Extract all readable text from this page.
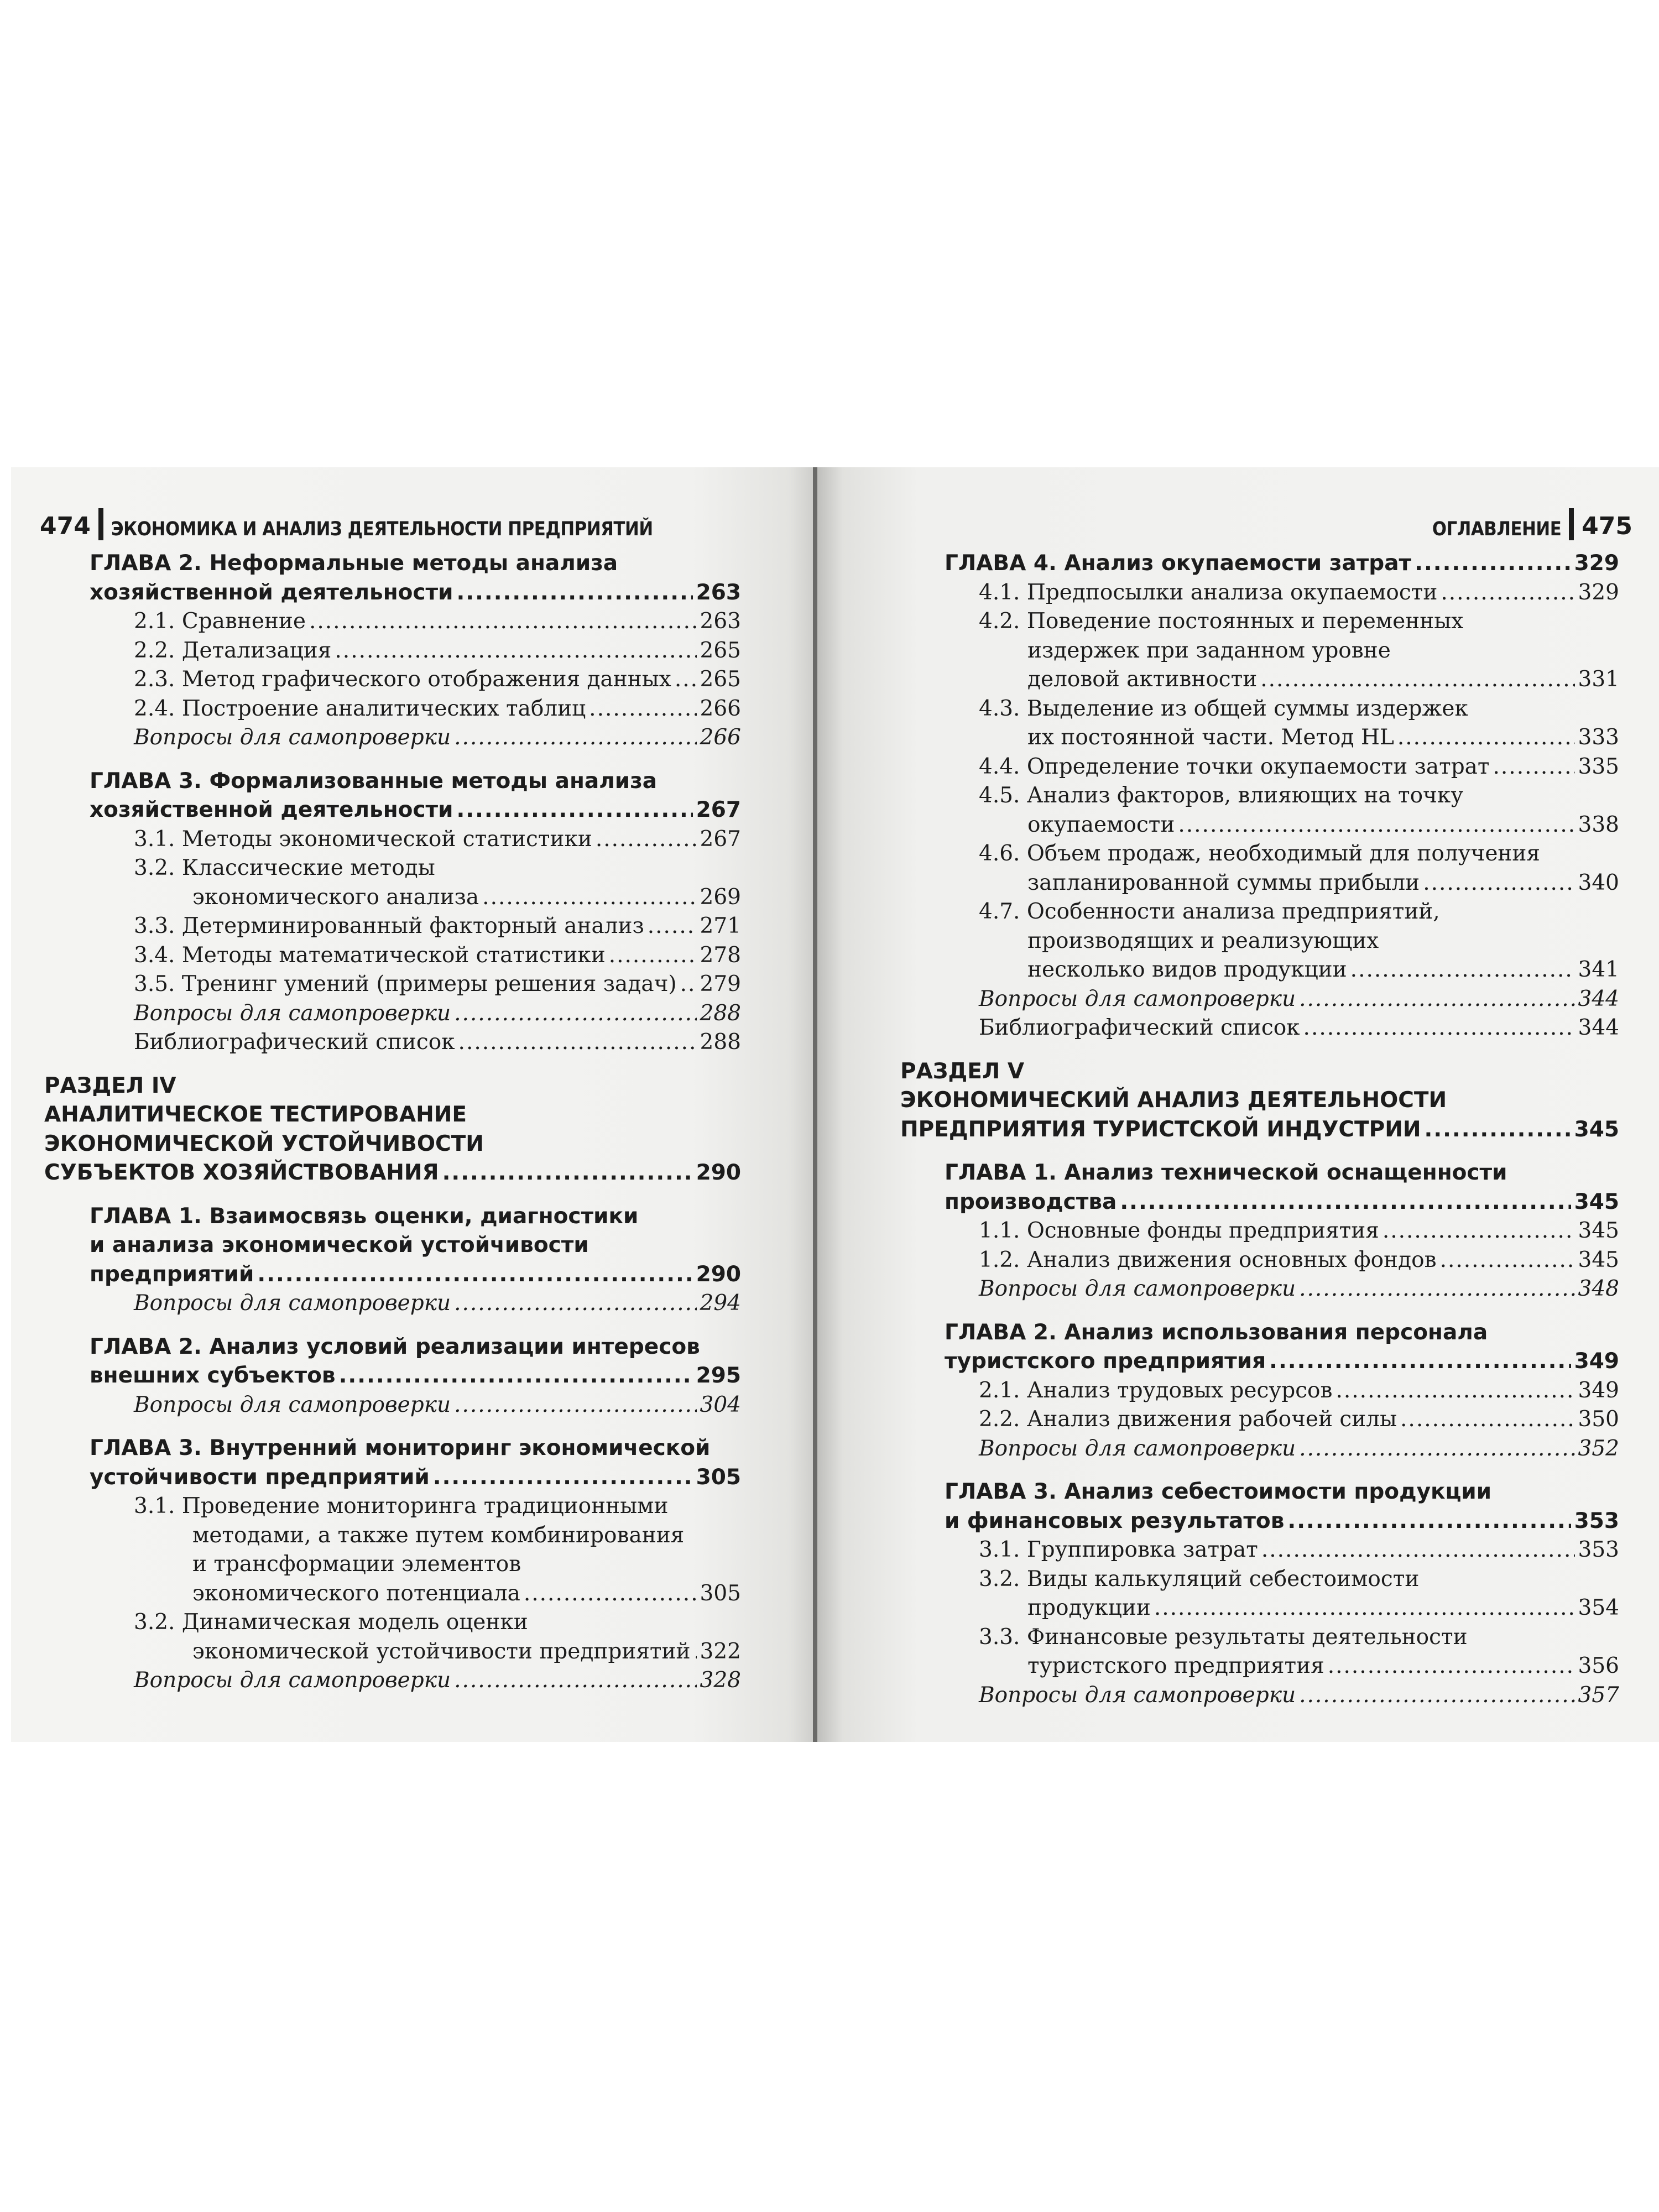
474 ЭКОНОМИКА И АНАЛИЗ ДЕЯТЕЛЬНОСТИ ПРЕДПРИЯТИЙ
ГЛАВА 2. Неформальные методы анализа
хозяйственной деятельности .....	263
2.1. Сравнение .....	263
2.2. Детализация .....	265
2.3. Метод графического отображения данных ..... 265
2.4. Построение аналитических таблиц .....	266
Вопросы для самопроверки .....	266
ГЛАВА 3. Формализованные методы анализа
хозяйственной деятельности .....	267
3.1. Методы экономической статистики .....	267
3.2. Классические методы
экономического анализа .....	269
3.3. Детерминированный факторный анализ .....	271
3.4. Методы математической статистики .....	278
3.5. Тренинг умений (примеры решения задач) ..... 279
Вопросы для самопроверки .....	288
Библиографический список .....	288
РАЗДЕЛ IV
АНАЛИТИЧЕСКОЕ ТЕСТИРОВАНИЕ
ЭКОНОМИЧЕСКОЙ УСТОЙЧИВОСТИ
СУБЪЕКТОВ ХОЗЯЙСТВОВАНИЯ .....	290
ГЛАВА 1. Взаимосвязь оценки, диагностики
и анализа экономической устойчивости
предприятий .....	290
Вопросы для самопроверки .....	294
ГЛАВА 2. Анализ условий реализации интересов
внешних субъектов .....	295
Вопросы для самопроверки .....	304
ГЛАВА 3. Внутренний мониторинг экономической
устойчивости предприятий .....	305
3.1. Проведение мониторинга традиционными
методами, а также путем комбинирования
и трансформации элементов
экономического потенциала .....	305
3.2. Динамическая модель оценки
экономической устойчивости предприятий ..... 322
Вопросы для самопроверки .....	328
ОГЛАВЛЕНИЕ 475
ГЛАВА 4. Анализ окупаемости затрат .....	329
4.1. Предпосылки анализа окупаемости .....	329
4.2. Поведение постоянных и переменных
издержек при заданном уровне
деловой активности .....	331
4.3. Выделение из общей суммы издержек
их постоянной части. Метод HL .....	333
4.4. Определение точки окупаемости затрат .....	335
4.5. Анализ факторов, влияющих на точку
окупаемости .....	338
4.6. Объем продаж, необходимый для получения
запланированной суммы прибыли .....	340
4.7. Особенности анализа предприятий,
производящих и реализующих
несколько видов продукции .....	341
Вопросы для самопроверки .....	344
Библиографический список .....	344
РАЗДЕЛ V
ЭКОНОМИЧЕСКИЙ АНАЛИЗ ДЕЯТЕЛЬНОСТИ
ПРЕДПРИЯТИЯ ТУРИСТСКОЙ ИНДУСТРИИ .....	345
ГЛАВА 1. Анализ технической оснащенности
производства .....	345
1.1. Основные фонды предприятия .....	345
1.2. Анализ движения основных фондов .....	345
Вопросы для самопроверки .....	348
ГЛАВА 2. Анализ использования персонала
туристского предприятия .....	349
2.1. Анализ трудовых ресурсов .....	349
2.2. Анализ движения рабочей силы .....	350
Вопросы для самопроверки .....	352
ГЛАВА 3. Анализ себестоимости продукции
и финансовых результатов .....	353
3.1. Группировка затрат .....	353
3.2. Виды калькуляций себестоимости
продукции .....	354
3.3. Финансовые результаты деятельности
туристского предприятия .....	356
Вопросы для самопроверки .....	357
